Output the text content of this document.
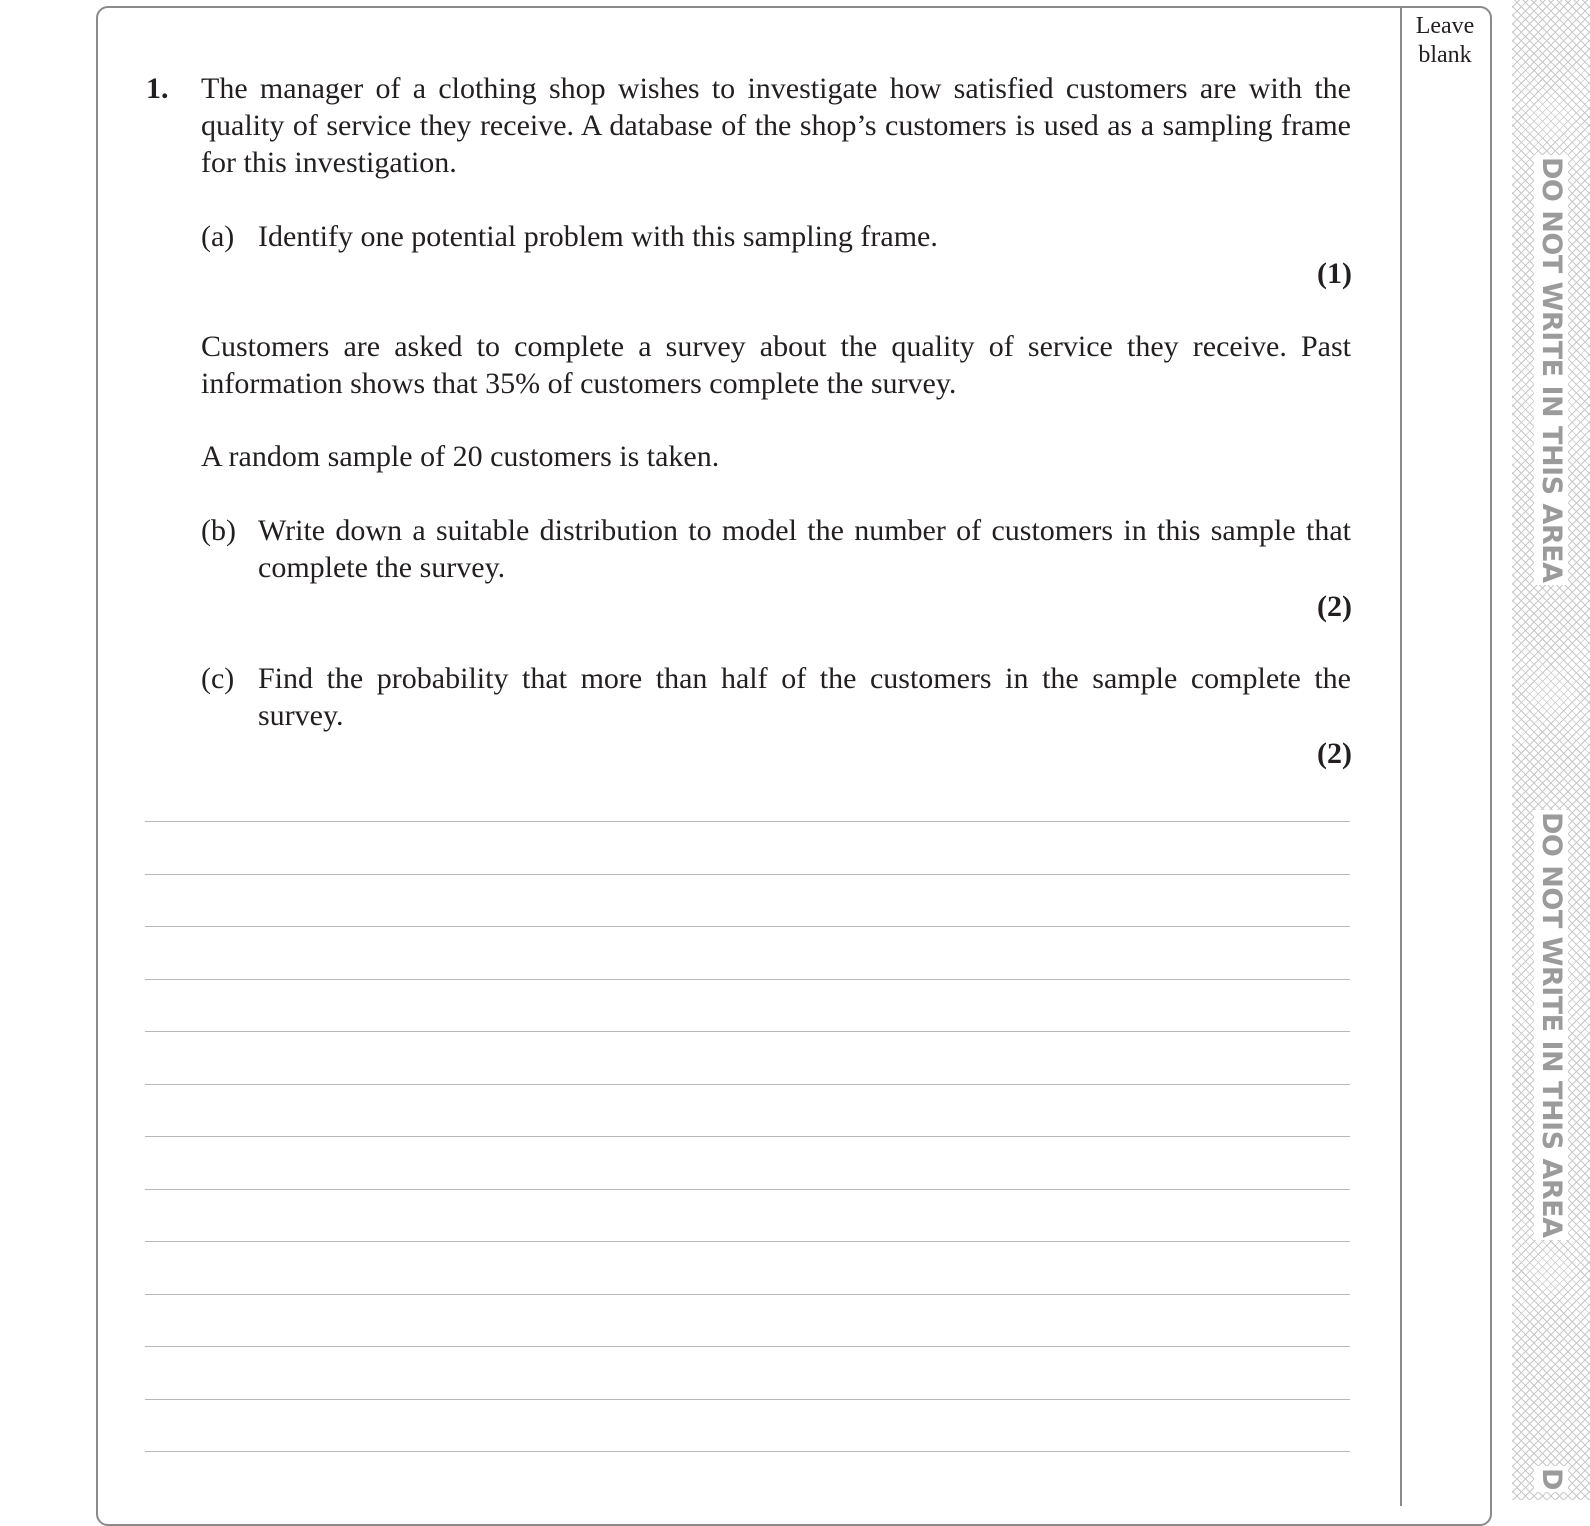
DO NOT WRITE IN THIS AREA
DO NOT WRITE IN THIS AREA
D
Leave
blank
1. The manager of a clothing shop wishes to investigate how satisfied customers are with the quality of service they receive. A database of the shop’s customers is used as a sampling frame for this investigation.
(a) Identify one potential problem with this sampling frame.
(1)
Customers are asked to complete a survey about the quality of service they receive. Past information shows that 35% of customers complete the survey.
A random sample of 20 customers is taken.
(b) Write down a suitable distribution to model the number of customers in this sample that complete the survey.
(2)
(c) Find the probability that more than half of the customers in the sample complete the survey.
(2)
